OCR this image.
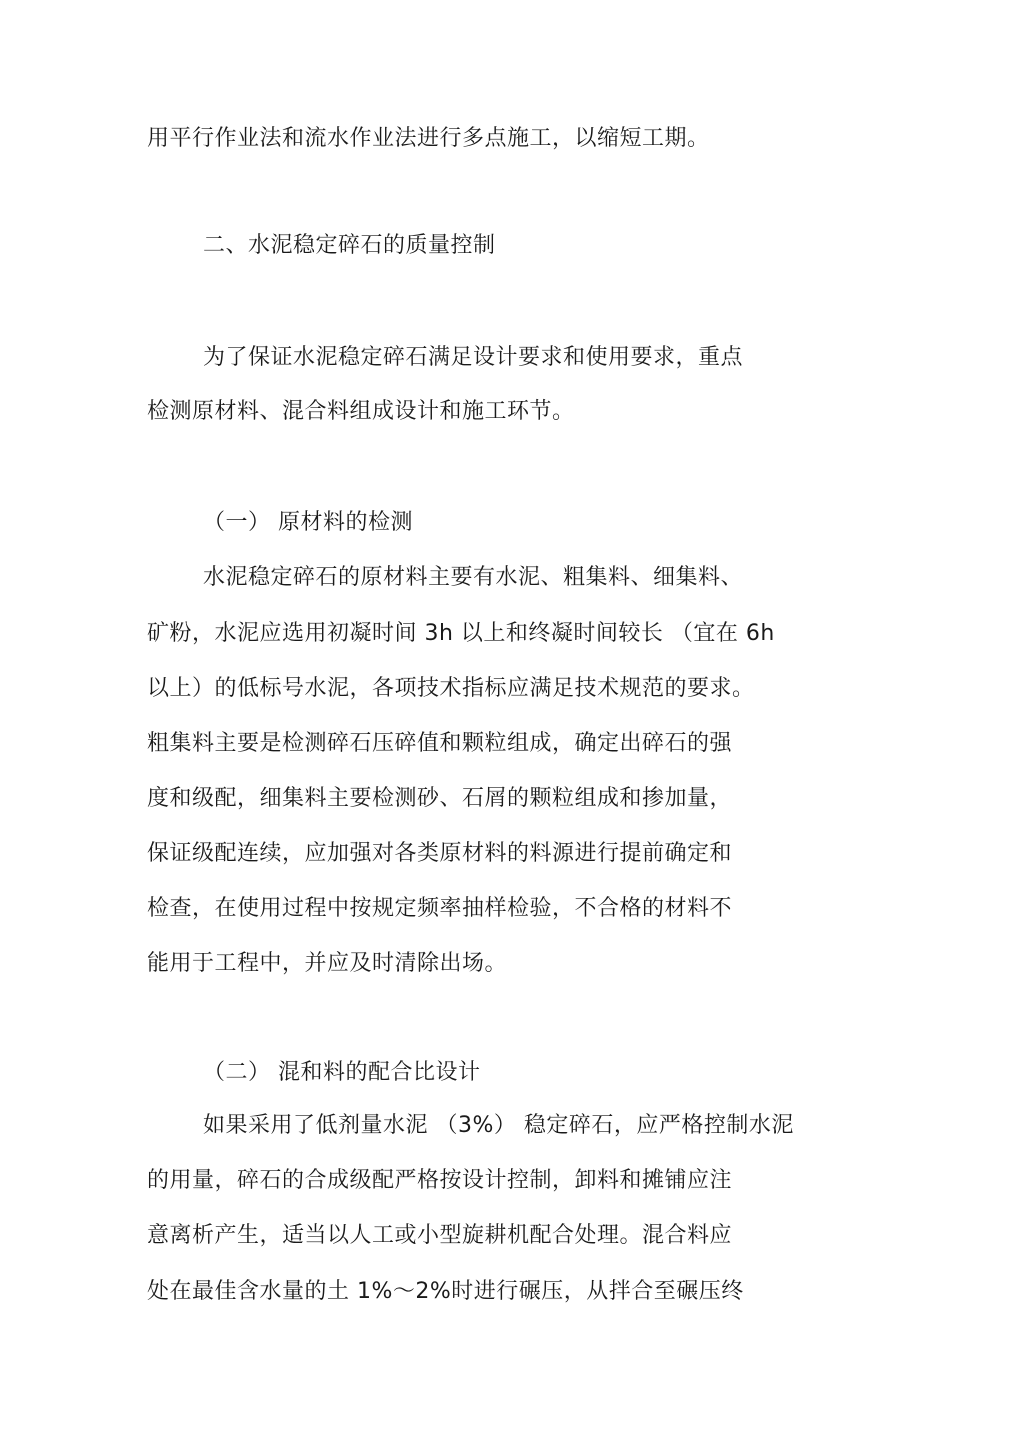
用平行作业法和流水作业法进行多点施工，以缩短工期。
二、水泥稳定碎石的质量控制
为了保证水泥稳定碎石满足设计要求和使用要求，重点
检测原材料、混合料组成设计和施工环节。
（一） 原材料的检测
水泥稳定碎石的原材料主要有水泥、粗集料、细集料、
矿粉，水泥应选用初凝时间 3h 以上和终凝时间较长 （宜在 6h
以上）的低标号水泥，各项技术指标应满足技术规范的要求。
粗集料主要是检测碎石压碎值和颗粒组成，确定出碎石的强
度和级配，细集料主要检测砂、石屑的颗粒组成和掺加量，
保证级配连续，应加强对各类原材料的料源进行提前确定和
检查，在使用过程中按规定频率抽样检验，不合格的材料不
能用于工程中，并应及时清除出场。
（二） 混和料的配合比设计
如果采用了低剂量水泥 （3%） 稳定碎石，应严格控制水泥
的用量，碎石的合成级配严格按设计控制，卸料和摊铺应注
意离析产生，适当以人工或小型旋耕机配合处理。混合料应
处在最佳含水量的土 1%～2%时进行碾压，从拌合至碾压终
